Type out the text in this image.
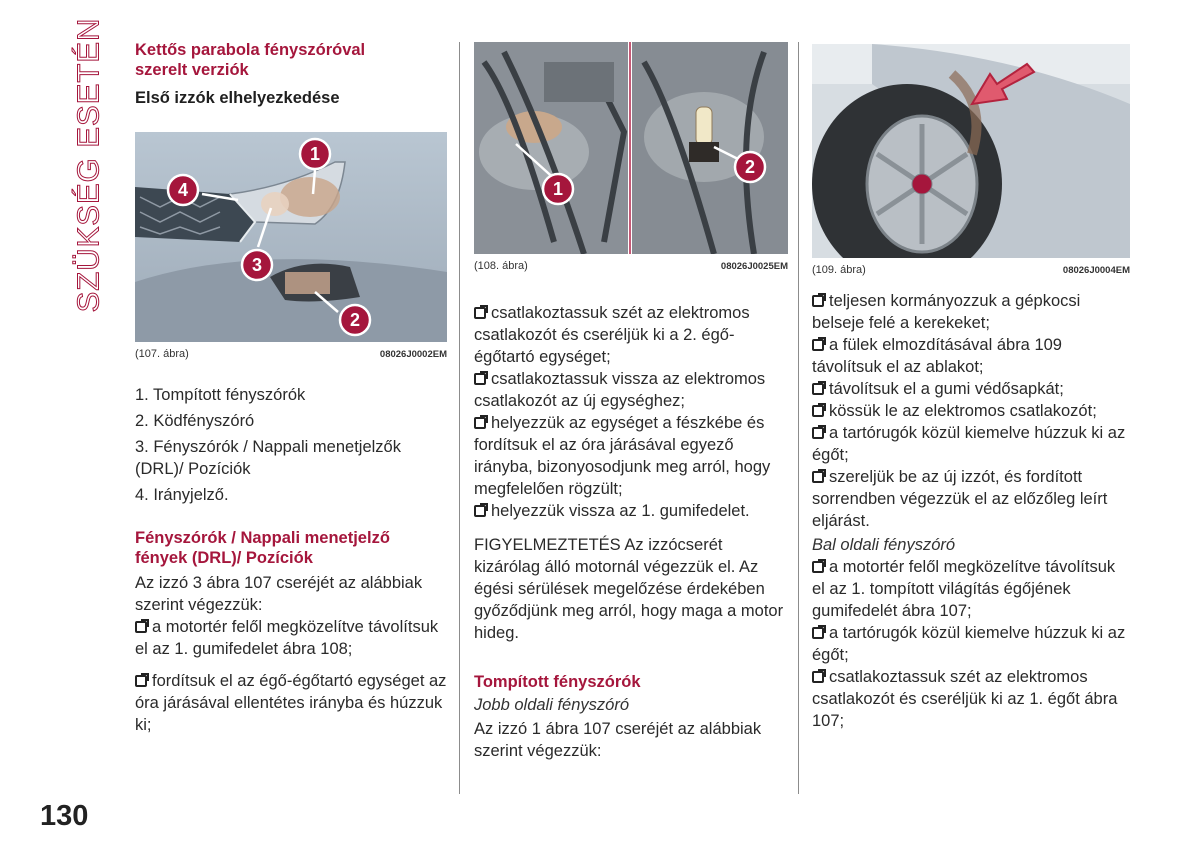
SZÜKSÉG ESETÉN
130
Kettős parabola fényszóróval szerelt verziók
Első izzók elhelyezkedése
1
4
3
2
(107. ábra)	08026J0002EM
1. Tompított fényszórók
2. Ködfényszóró
3. Fényszórók / Nappali menetjelzők (DRL)/ Pozíciók
4. Irányjelző.
Fényszórók / Nappali menetjelző fények (DRL)/ Pozíciók
Az izzó 3 ábra 107 cseréjét az alábbiak szerint végezzük:
a motortér felől megközelítve távolítsuk el az 1. gumifedelet ábra 108;
fordítsuk el az égő-égőtartó egységet az óra járásával ellentétes irányba és húzzuk ki;
1
2
(108. ábra)	08026J0025EM
csatlakoztassuk szét az elektromos csatlakozót és cseréljük ki a 2. égő-égőtartó egységet;
csatlakoztassuk vissza az elektromos csatlakozót az új egységhez;
helyezzük az egységet a fészkébe és fordítsuk el az óra járásával egyező irányba, bizonyosodjunk meg arról, hogy megfelelően rögzült;
helyezzük vissza az 1. gumifedelet.
FIGYELMEZTETÉS Az izzócserét kizárólag álló motornál végezzük el. Az égési sérülések megelőzése érdekében győződjünk meg arról, hogy maga a motor hideg.
Tompított fényszórók
Jobb oldali fényszóró
Az izzó 1 ábra 107 cseréjét az alábbiak szerint végezzük:
(109. ábra)	08026J0004EM
teljesen kormányozzuk a gépkocsi belseje felé a kerekeket;
a fülek elmozdításával ábra 109 távolítsuk el az ablakot;
távolítsuk el a gumi védősapkát;
kössük le az elektromos csatlakozót;
a tartórugók közül kiemelve húzzuk ki az égőt;
szereljük be az új izzót, és fordított sorrendben végezzük el az előzőleg leírt eljárást.
Bal oldali fényszóró
a motortér felől megközelítve távolítsuk el az 1. tompított világítás égőjének gumifedelét ábra 107;
a tartórugók közül kiemelve húzzuk ki az égőt;
csatlakoztassuk szét az elektromos csatlakozót és cseréljük ki az 1. égőt ábra 107;
